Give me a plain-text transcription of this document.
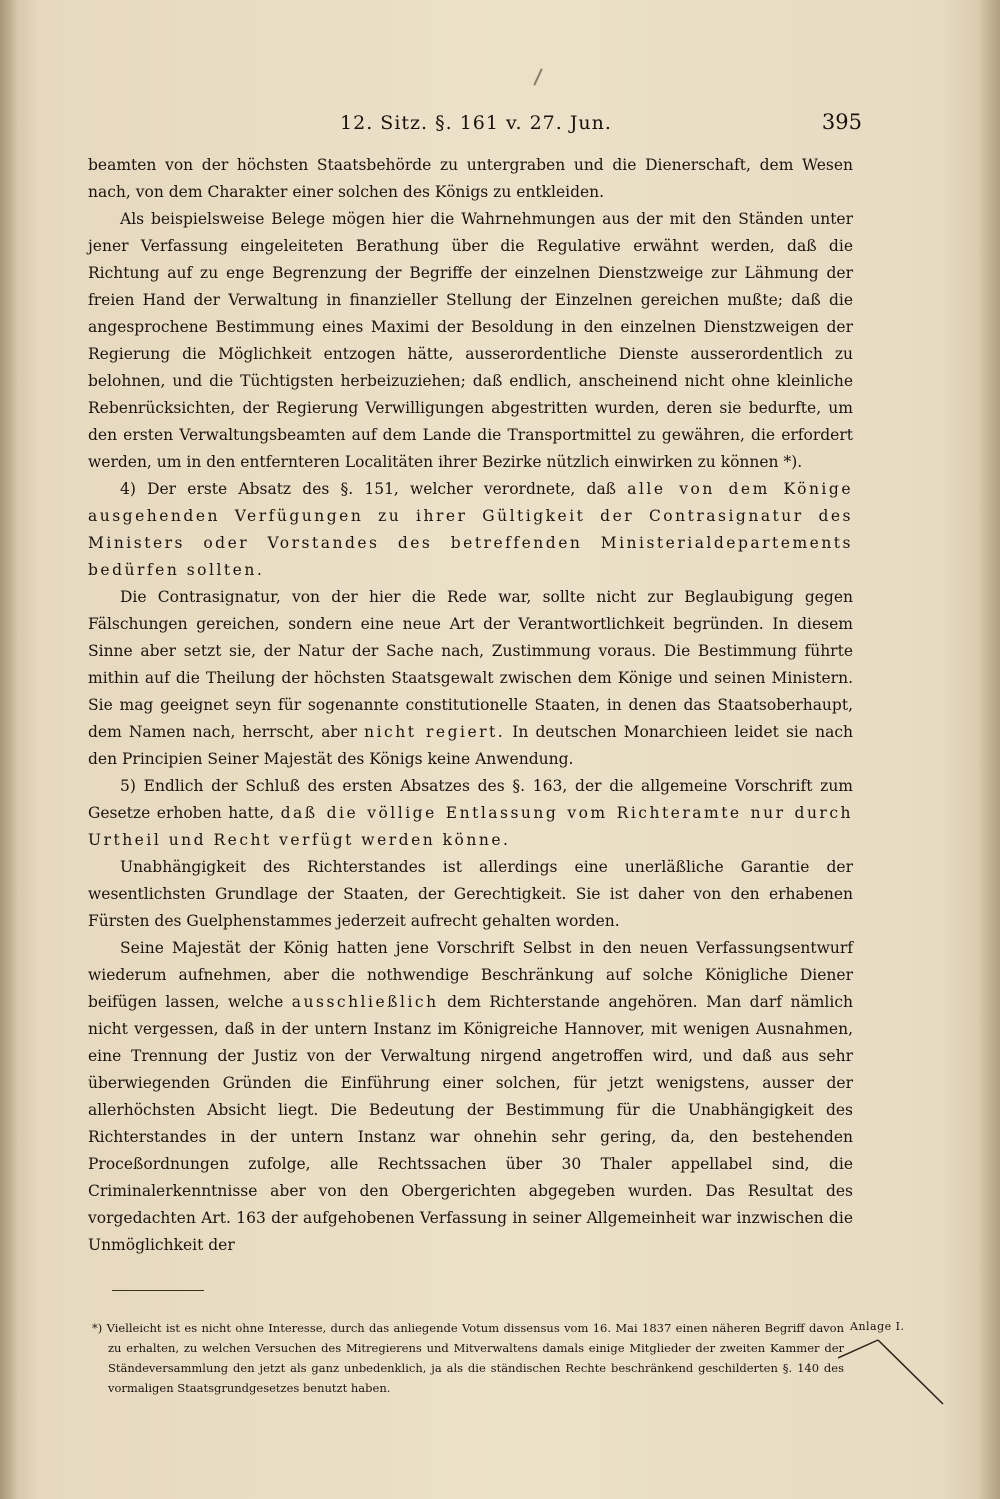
12. Sitz. §. 161 v. 27. Jun.	395

beamten von der höchsten Staatsbehörde zu untergraben und die Dienerschaft, dem Wesen nach, von dem Charakter einer solchen des Königs zu entkleiden.

Als beispielsweise Belege mögen hier die Wahrnehmungen aus der mit den Ständen unter jener Verfassung eingeleiteten Berathung über die Regulative erwähnt werden, daß die Richtung auf zu enge Begrenzung der Begriffe der einzelnen Dienstzweige zur Lähmung der freien Hand der Verwaltung in finanzieller Stellung der Einzelnen gereichen mußte; daß die angesprochene Bestimmung eines Maximi der Besoldung in den einzelnen Dienstzweigen der Regierung die Möglichkeit entzogen hätte, ausserordentliche Dienste ausserordentlich zu belohnen, und die Tüchtigsten herbeizuziehen; daß endlich, anscheinend nicht ohne kleinliche Rebenrücksichten, der Regierung Verwilligungen abgestritten wurden, deren sie bedurfte, um den ersten Verwaltungsbeamten auf dem Lande die Transportmittel zu gewähren, die erfordert werden, um in den entfernteren Localitäten ihrer Bezirke nützlich einwirken zu können *).

4) Der erste Absatz des §. 151, welcher verordnete, daß alle von dem Könige ausgehenden Verfügungen zu ihrer Gültigkeit der Contrasignatur des Ministers oder Vorstandes des betreffenden Ministerialdepartements bedürfen sollten.

Die Contrasignatur, von der hier die Rede war, sollte nicht zur Beglaubigung gegen Fälschungen gereichen, sondern eine neue Art der Verantwortlichkeit begründen. In diesem Sinne aber setzt sie, der Natur der Sache nach, Zustimmung voraus. Die Bestimmung führte mithin auf die Theilung der höchsten Staatsgewalt zwischen dem Könige und seinen Ministern. Sie mag geeignet seyn für sogenannte constitutionelle Staaten, in denen das Staatsoberhaupt, dem Namen nach, herrscht, aber nicht regiert. In deutschen Monarchieen leidet sie nach den Principien Seiner Majestät des Königs keine Anwendung.

5) Endlich der Schluß des ersten Absatzes des §. 163, der die allgemeine Vorschrift zum Gesetze erhoben hatte, daß die völlige Entlassung vom Richteramte nur durch Urtheil und Recht verfügt werden könne.

Unabhängigkeit des Richterstandes ist allerdings eine unerläßliche Garantie der wesentlichsten Grundlage der Staaten, der Gerechtigkeit. Sie ist daher von den erhabenen Fürsten des Guelphenstammes jederzeit aufrecht gehalten worden.

Seine Majestät der König hatten jene Vorschrift Selbst in den neuen Verfassungsentwurf wiederum aufnehmen, aber die nothwendige Beschränkung auf solche Königliche Diener beifügen lassen, welche ausschließlich dem Richterstande angehören. Man darf nämlich nicht vergessen, daß in der untern Instanz im Königreiche Hannover, mit wenigen Ausnahmen, eine Trennung der Justiz von der Verwaltung nirgend angetroffen wird, und daß aus sehr überwiegenden Gründen die Einführung einer solchen, für jetzt wenigstens, ausser der allerhöchsten Absicht liegt. Die Bedeutung der Bestimmung für die Unabhängigkeit des Richterstandes in der untern Instanz war ohnehin sehr gering, da, den bestehenden Proceßordnungen zufolge, alle Rechtssachen über 30 Thaler appellabel sind, die Criminalerkenntnisse aber von den Obergerichten abgegeben wurden. Das Resultat des vorgedachten Art. 163 der aufgehobenen Verfassung in seiner Allgemeinheit war inzwischen die Unmöglichkeit der

*) Vielleicht ist es nicht ohne Interesse, durch das anliegende Votum dissensus vom 16. Mai 1837 einen näheren Begriff davon zu erhalten, zu welchen Versuchen des Mitregierens und Mitverwaltens damals einige Mitglieder der zweiten Kammer der Ständeversammlung den jetzt als ganz unbedenklich, ja als die ständischen Rechte beschränkend geschilderten §. 140 des vormaligen Staatsgrundgesetzes benutzt haben.
Anlage I.
